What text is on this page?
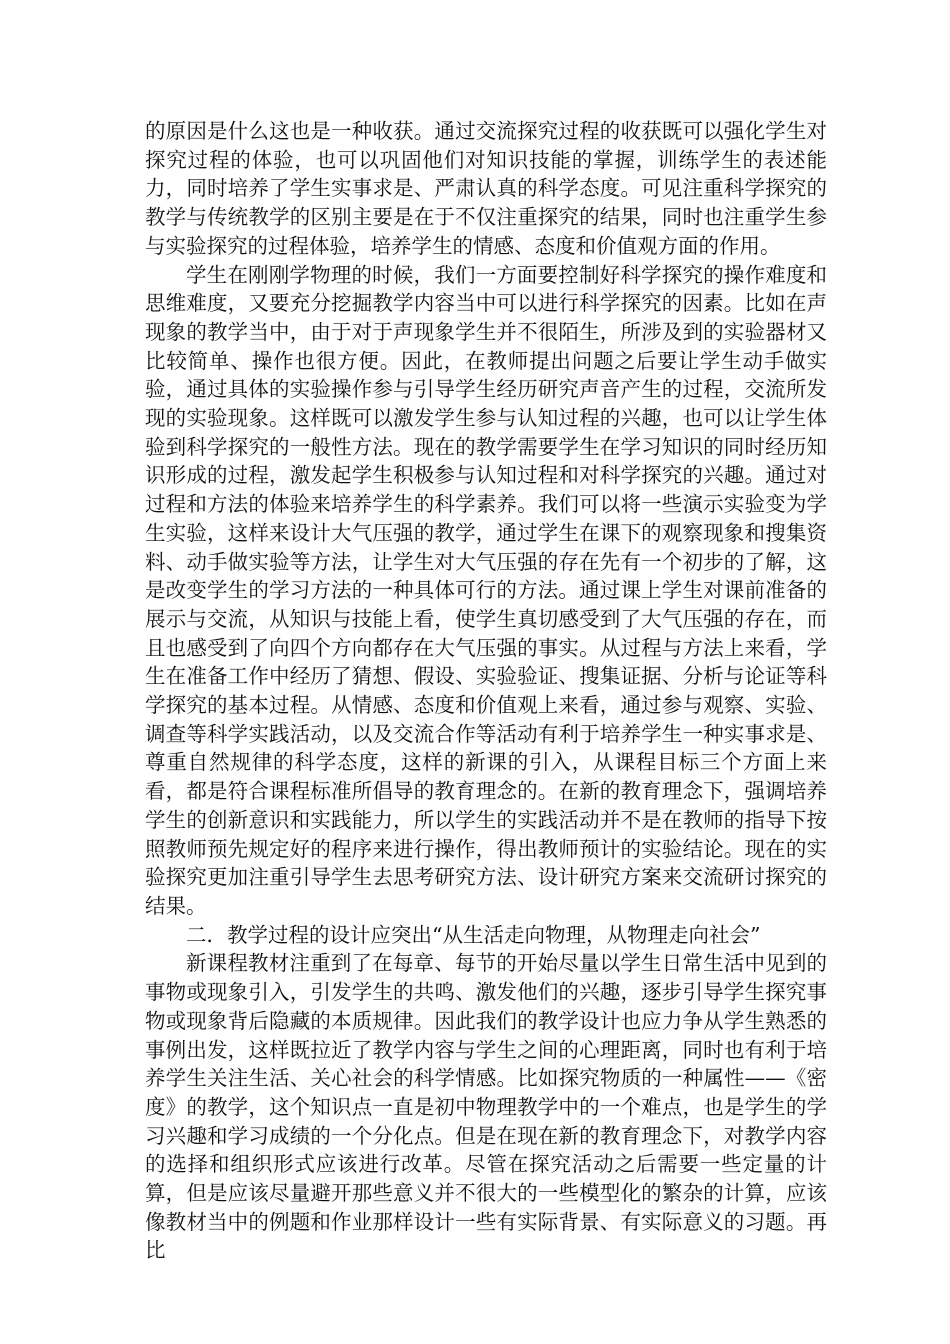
的原因是什么这也是一种收获。通过交流探究过程的收获既可以强化学生对探究过程的体验，也可以巩固他们对知识技能的掌握，训练学生的表述能力，同时培养了学生实事求是、严肃认真的科学态度。可见注重科学探究的教学与传统教学的区别主要是在于不仅注重探究的结果，同时也注重学生参与实验探究的过程体验，培养学生的情感、态度和价值观方面的作用。

学生在刚刚学物理的时候，我们一方面要控制好科学探究的操作难度和思维难度，又要充分挖掘教学内容当中可以进行科学探究的因素。比如在声现象的教学当中，由于对于声现象学生并不很陌生，所涉及到的实验器材又比较简单、操作也很方便。因此，在教师提出问题之后要让学生动手做实验，通过具体的实验操作参与引导学生经历研究声音产生的过程，交流所发现的实验现象。这样既可以激发学生参与认知过程的兴趣，也可以让学生体验到科学探究的一般性方法。现在的教学需要学生在学习知识的同时经历知识形成的过程，激发起学生积极参与认知过程和对科学探究的兴趣。通过对过程和方法的体验来培养学生的科学素养。我们可以将一些演示实验变为学生实验，这样来设计大气压强的教学，通过学生在课下的观察现象和搜集资料、动手做实验等方法，让学生对大气压强的存在先有一个初步的了解，这是改变学生的学习方法的一种具体可行的方法。通过课上学生对课前准备的展示与交流，从知识与技能上看，使学生真切感受到了大气压强的存在，而且也感受到了向四个方向都存在大气压强的事实。从过程与方法上来看，学生在准备工作中经历了猜想、假设、实验验证、搜集证据、分析与论证等科学探究的基本过程。从情感、态度和价值观上来看，通过参与观察、实验、调查等科学实践活动，以及交流合作等活动有利于培养学生一种实事求是、尊重自然规律的科学态度，这样的新课的引入，从课程目标三个方面上来看，都是符合课程标准所倡导的教育理念的。在新的教育理念下，强调培养学生的创新意识和实践能力，所以学生的实践活动并不是在教师的指导下按照教师预先规定好的程序来进行操作，得出教师预计的实验结论。现在的实验探究更加注重引导学生去思考研究方法、设计研究方案来交流研讨探究的结果。

二．教学过程的设计应突出“从生活走向物理，从物理走向社会”

新课程教材注重到了在每章、每节的开始尽量以学生日常生活中见到的事物或现象引入，引发学生的共鸣、激发他们的兴趣，逐步引导学生探究事物或现象背后隐藏的本质规律。因此我们的教学设计也应力争从学生熟悉的事例出发，这样既拉近了教学内容与学生之间的心理距离，同时也有利于培养学生关注生活、关心社会的科学情感。比如探究物质的一种属性——《密度》的教学，这个知识点一直是初中物理教学中的一个难点，也是学生的学习兴趣和学习成绩的一个分化点。但是在现在新的教育理念下，对教学内容的选择和组织形式应该进行改革。尽管在探究活动之后需要一些定量的计算，但是应该尽量避开那些意义并不很大的一些模型化的繁杂的计算，应该像教材当中的例题和作业那样设计一些有实际背景、有实际意义的习题。再比
